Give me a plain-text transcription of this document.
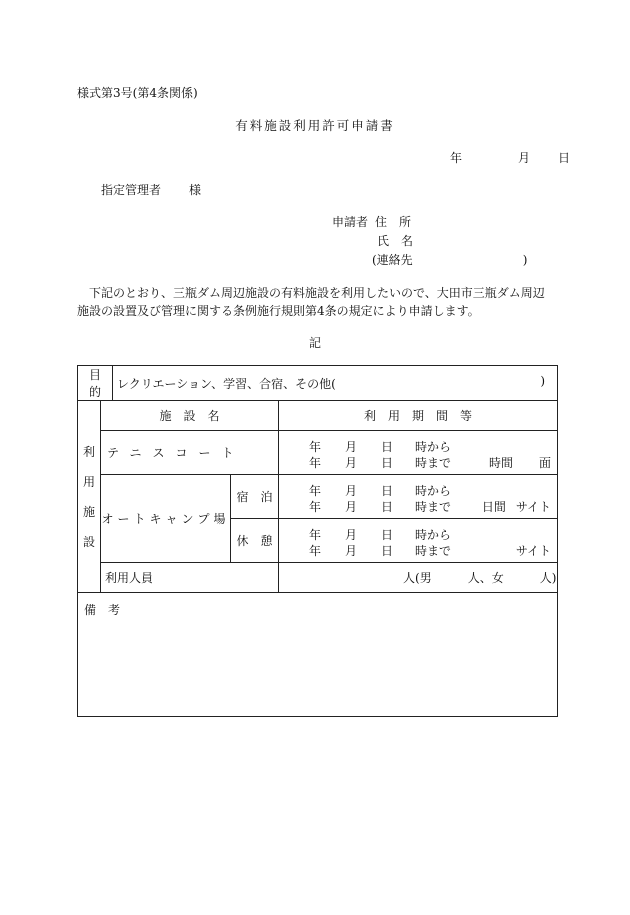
様式第3号(第4条関係)
有料施設利用許可申請書
年	月 日
指定管理者 様
申請者 住　所
氏　名
(連絡先	)
下記のとおり、三瓶ダム周辺施設の有料施設を利用したいので、大田市三瓶ダム周辺施設の設置及び管理に関する条例施行規則第4条の規定により申請します。
記
目　的		レクリエーション、学習、合宿、その他( )		

利
用
施
設	施　設　名			利　用　期　間　等
	テニスコート			年 月 日 時から
年 月 日 時まで 時間 面

	オートキャンプ場		宿　泊	年 月 日 時から
年 月 日 時まで 日間 サイト

			休　憩	年 月 日 時から
年 月 日 時まで サイト

	利用人員			人(男 人、女 人)
備　考				
